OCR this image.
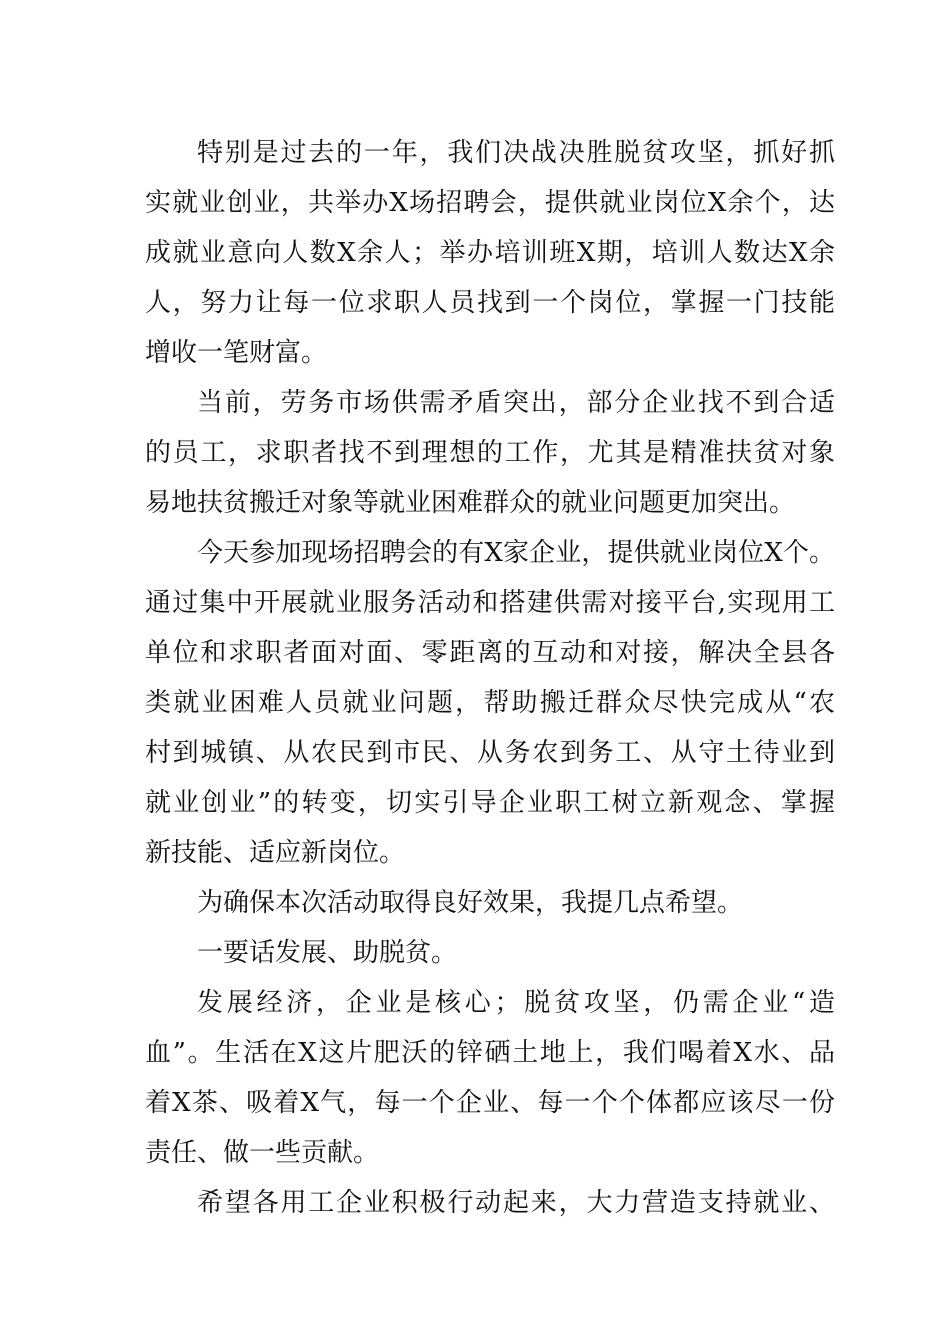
特别是过去的一年，我们决战决胜脱贫攻坚，抓好抓
实就业创业，共举办X场招聘会，提供就业岗位X余个，达
成就业意向人数X余人；举办培训班X期，培训人数达X余
人，努力让每一位求职人员找到一个岗位，掌握一门技能
增收一笔财富。
当前，劳务市场供需矛盾突出，部分企业找不到合适
的员工，求职者找不到理想的工作，尤其是精准扶贫对象
易地扶贫搬迁对象等就业困难群众的就业问题更加突出。
今天参加现场招聘会的有X家企业，提供就业岗位X个。
通过集中开展就业服务活动和搭建供需对接平台,实现用工
单位和求职者面对面、零距离的互动和对接，解决全县各
类就业困难人员就业问题，帮助搬迁群众尽快完成从“农
村到城镇、从农民到市民、从务农到务工、从守土待业到
就业创业”的转变，切实引导企业职工树立新观念、掌握
新技能、适应新岗位。
为确保本次活动取得良好效果，我提几点希望。
一要话发展、助脱贫。
发展经济，企业是核心；脱贫攻坚，仍需企业“造
血”。生活在X这片肥沃的锌硒土地上，我们喝着X水、品
着X茶、吸着X气，每一个企业、每一个个体都应该尽一份
责任、做一些贡献。
希望各用工企业积极行动起来，大力营造支持就业、
